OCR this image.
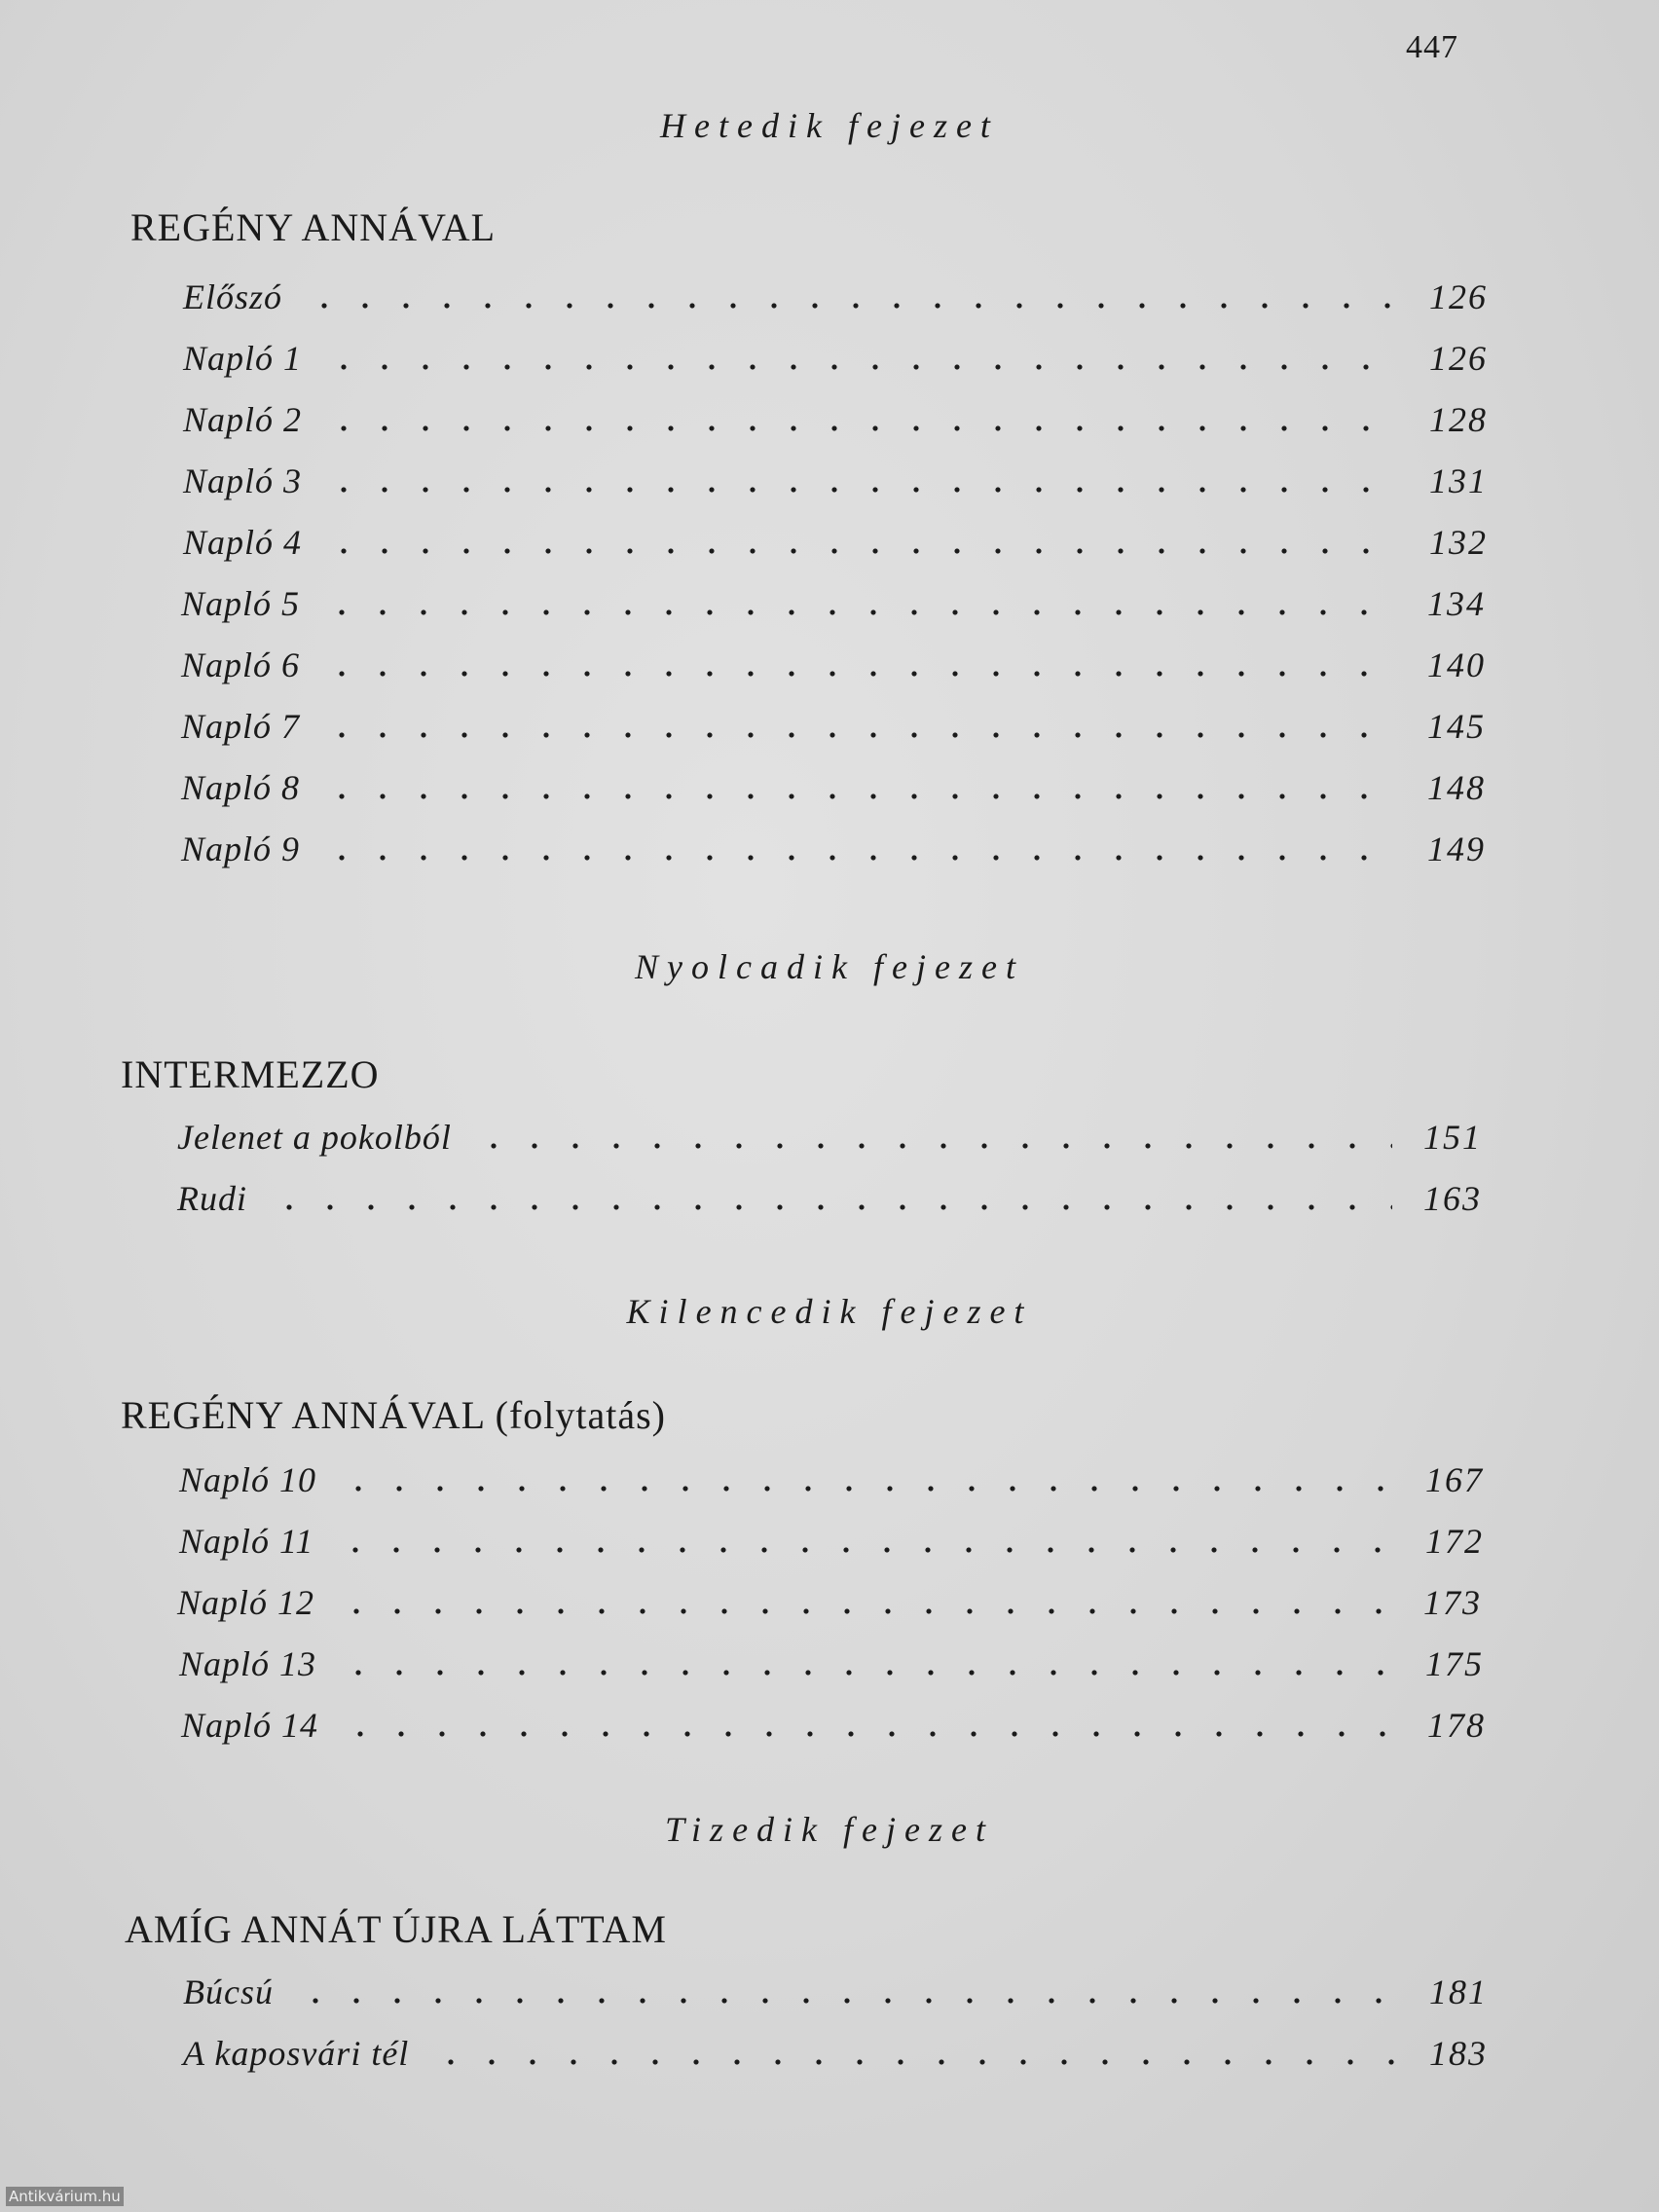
447
Hetedik fejezet
REGÉNY ANNÁVAL
Előszó	126
Napló 1	126
Napló 2	128
Napló 3	131
Napló 4	132
Napló 5	134
Napló 6	140
Napló 7	145
Napló 8	148
Napló 9	149
Nyolcadik fejezet
INTERMEZZO
Jelenet a pokolból	151
Rudi	163
Kilencedik fejezet
REGÉNY ANNÁVAL (folytatás)
Napló 10	167
Napló 11	172
Napló 12	173
Napló 13	175
Napló 14	178
Tizedik fejezet
AMÍG ANNÁT ÚJRA LÁTTAM
Búcsú	181
A kaposvári tél	183
Antikvárium.hu
